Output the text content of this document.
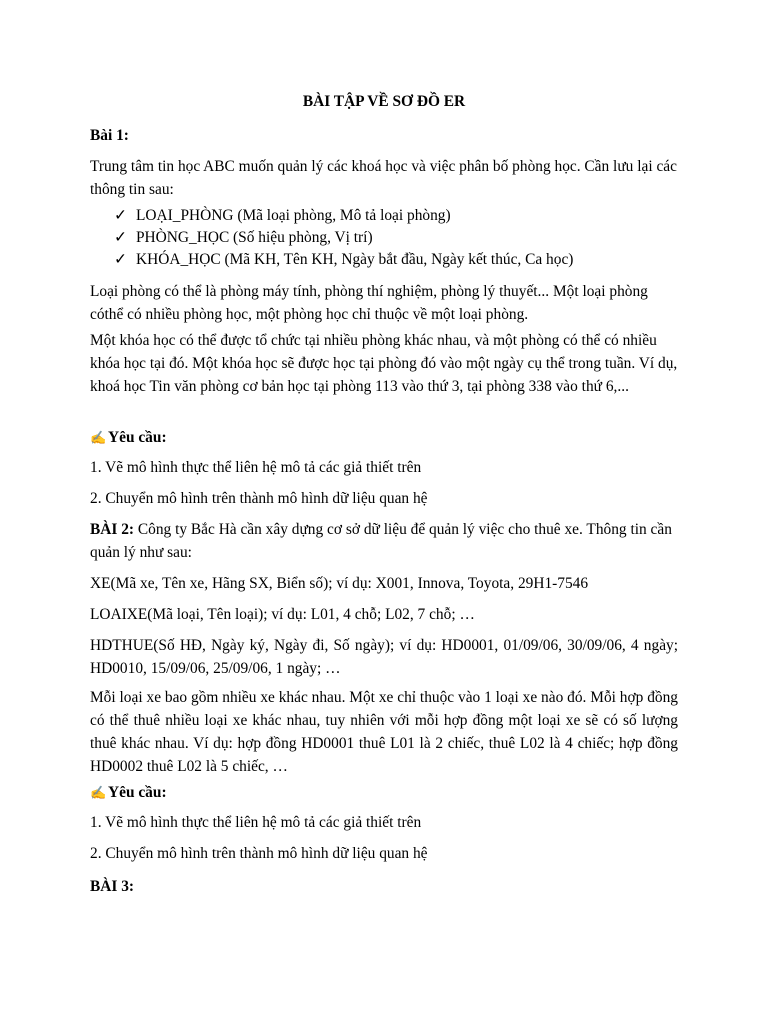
BÀI TẬP VỀ SƠ ĐỒ ER

Bài 1:

Trung tâm tin học ABC muốn quản lý các khoá học và việc phân bố phòng học. Cần lưu lại các thông tin sau:

✓ LOẠI_PHÒNG (Mã loại phòng, Mô tả loại phòng)
✓ PHÒNG_HỌC (Số hiệu phòng, Vị trí)
✓ KHÓA_HỌC (Mã KH, Tên KH, Ngày bắt đầu, Ngày kết thúc, Ca học)

Loại phòng có thể là phòng máy tính, phòng thí nghiệm, phòng lý thuyết... Một loại phòng cóthể có nhiều phòng học, một phòng học chỉ thuộc về một loại phòng.

Một khóa học có thể được tổ chức tại nhiều phòng khác nhau, và một phòng có thể có nhiều khóa học tại đó. Một khóa học sẽ được học tại phòng đó vào một ngày cụ thể trong tuần. Ví dụ, khoá học Tin văn phòng cơ bản học tại phòng 113 vào thứ 3, tại phòng 338 vào thứ 6,...

✍ Yêu cầu:

1. Vẽ mô hình thực thể liên hệ mô tả các giả thiết trên

2. Chuyển mô hình trên thành mô hình dữ liệu quan hệ

BÀI 2: Công ty Bắc Hà cần xây dựng cơ sở dữ liệu để quản lý việc cho thuê xe. Thông tin cần quản lý như sau:

XE(Mã xe, Tên xe, Hãng SX, Biển số); ví dụ: X001, Innova, Toyota, 29H1-7546

LOAIXE(Mã loại, Tên loại); ví dụ: L01, 4 chỗ; L02, 7 chỗ; …

HDTHUE(Số HĐ, Ngày ký, Ngày đi, Số ngày); ví dụ: HD0001, 01/09/06, 30/09/06, 4 ngày; HD0010, 15/09/06, 25/09/06, 1 ngày; …

Mỗi loại xe bao gồm nhiều xe khác nhau. Một xe chỉ thuộc vào 1 loại xe nào đó. Mỗi hợp đồng có thể thuê nhiều loại xe khác nhau, tuy nhiên với mỗi hợp đồng một loại xe sẽ có số lượng thuê khác nhau. Ví dụ: hợp đồng HD0001 thuê L01 là 2 chiếc, thuê L02 là 4 chiếc; hợp đồng HD0002 thuê L02 là 5 chiếc, …

✍ Yêu cầu:

1. Vẽ mô hình thực thể liên hệ mô tả các giả thiết trên

2. Chuyển mô hình trên thành mô hình dữ liệu quan hệ

BÀI 3:
